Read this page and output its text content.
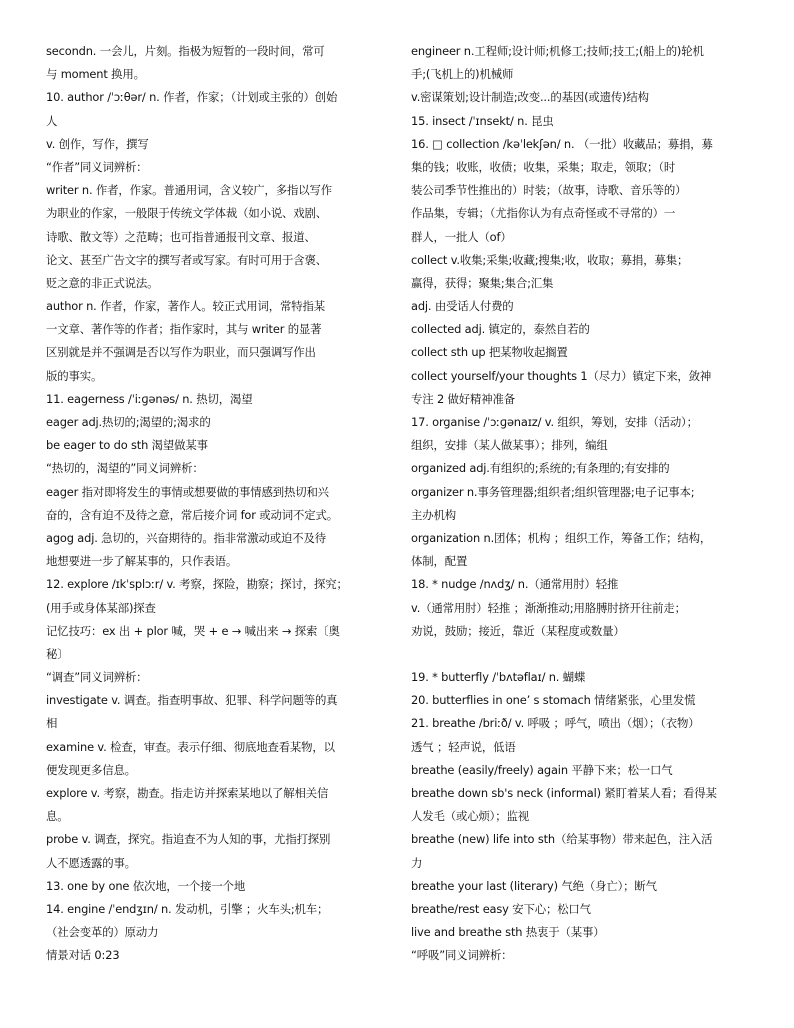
secondn. 一会儿，片刻。指极为短暂的一段时间，常可
与 moment 换用。
10. author /ˈɔːθər/ n. 作者，作家；（计划或主张的）创始
人
v. 创作，写作，撰写
“作者”同义词辨析：
writer n. 作者，作家。普通用词，含义较广，多指以写作
为职业的作家，一般限于传统文学体裁（如小说、戏剧、
诗歌、散文等）之范畴；也可指普通报刊文章、报道、
论文、甚至广告文字的撰写者或写家。有时可用于含褒、
贬之意的非正式说法。
author n. 作者，作家，著作人。较正式用词，常特指某
一文章、著作等的作者；指作家时，其与 writer 的显著
区别就是并不强调是否以写作为职业，而只强调写作出
版的事实。
11. eagerness /ˈiːɡənəs/ n. 热切，渴望
eager adj.热切的;渴望的;渴求的
be eager to do sth 渴望做某事
“热切的，渴望的”同义词辨析：
eager 指对即将发生的事情或想要做的事情感到热切和兴
奋的，含有迫不及待之意，常后接介词 for 或动词不定式。
agog adj. 急切的，兴奋期待的。指非常激动或迫不及待
地想要进一步了解某事的，只作表语。
12. explore /ɪkˈsplɔːr/ v. 考察，探险，勘察；探讨，探究；
(用手或身体某部)探查
记忆技巧：ex 出 + plor 喊，哭 + e → 喊出来 → 探索〔奥
秘〕
“调查”同义词辨析：
investigate v. 调查。指查明事故、犯罪、科学问题等的真
相
examine v. 检查，审查。表示仔细、彻底地查看某物，以
便发现更多信息。
explore v. 考察，勘查。指走访并探索某地以了解相关信
息。
probe v. 调查，探究。指追查不为人知的事，尤指打探别
人不愿透露的事。
13. one by one 依次地，一个接一个地
14. engine /ˈendʒɪn/ n. 发动机，引擎 ；火车头;机车；
（社会变革的）原动力
情景对话 0:23
engineer n.工程师;设计师;机修工;技师;技工;(船上的)轮机
手;(飞机上的)机械师
v.密谋策划;设计制造;改变...的基因(或遗传)结构
15. insect /ˈɪnsekt/ n. 昆虫
16. □ collection /kəˈlekʃən/ n. （一批）收藏品；募捐，募
集的钱；收账，收债；收集，采集；取走，领取；（时
装公司季节性推出的）时装；（故事，诗歌、音乐等的）
作品集，专辑；（尤指你认为有点奇怪或不寻常的）一
群人，一批人（of）
collect v.收集;采集;收藏;搜集;收，收取；募捐，募集；
赢得，获得；聚集;集合;汇集
adj. 由受话人付费的
collected adj. 镇定的，泰然自若的
collect sth up 把某物收起搁置
collect yourself/your thoughts 1（尽力）镇定下来，敛神
专注 2 做好精神准备
17. organise /ˈɔːɡənaɪz/ v. 组织，筹划，安排（活动）；
组织，安排（某人做某事）；排列，编组
organized adj.有组织的;系统的;有条理的;有安排的
organizer n.事务管理器;组织者;组织管理器;电子记事本;
主办机构
organization n.团体；机构 ；组织工作，筹备工作；结构，
体制，配置
18. * nudge /nʌdʒ/ n.（通常用肘）轻推
v.（通常用肘）轻推 ；渐渐推动;用胳膊肘挤开往前走；
劝说，鼓励；接近，靠近（某程度或数量）
19. * butterfly /ˈbʌtəflaɪ/ n. 蝴蝶
20. butterflies in one’ s stomach 情绪紧张，心里发慌
21. breathe /briːð/ v. 呼吸 ；呼气，喷出（烟）；（衣物）
透气 ；轻声说，低语
breathe (easily/freely) again 平静下来；松一口气
breathe down sb's neck (informal) 紧盯着某人看；看得某
人发毛（或心烦）；监视
breathe (new) life into sth（给某事物）带来起色，注入活
力
breathe your last (literary) 气绝（身亡）；断气
breathe/rest easy 安下心；松口气
live and breathe sth 热衷于（某事）
“呼吸”同义词辨析：
